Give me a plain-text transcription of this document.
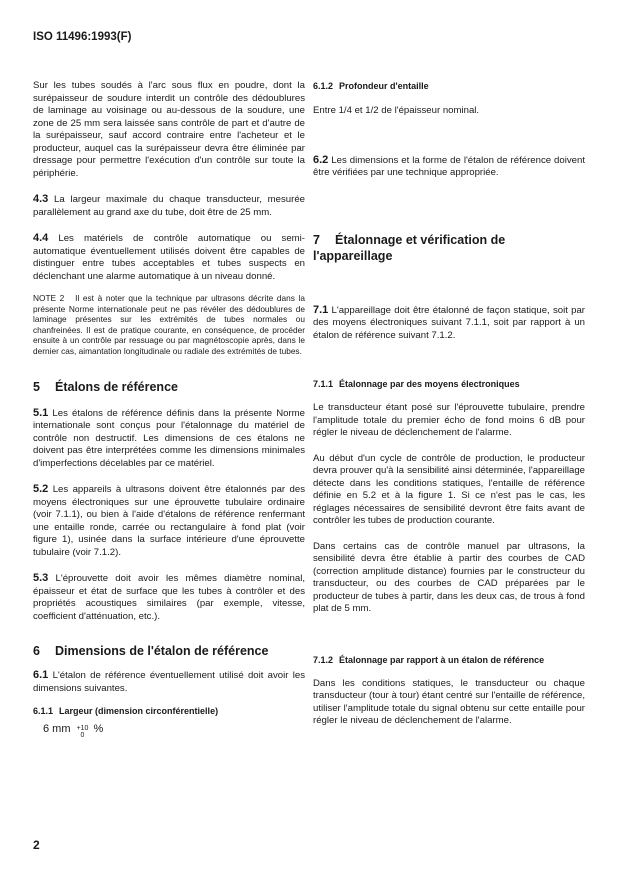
ISO 11496:1993(F)

Sur les tubes soudés à l'arc sous flux en poudre, dont la surépaisseur de soudure interdit un contrôle des dédoublures de laminage au voisinage ou au-dessous de la soudure, une zone de 25 mm sera laissée sans contrôle de part et d'autre de la surépaisseur, sauf accord contraire entre l'acheteur et le producteur, auquel cas la surépaisseur devra être éliminée par dressage pour permettre l'exécution d'un contrôle sur toute la périphérie.

4.3 La largeur maximale du chaque transducteur, mesurée parallèlement au grand axe du tube, doit être de 25 mm.

4.4 Les matériels de contrôle automatique ou semi-automatique éventuellement utilisés doivent être capables de distinguer entre tubes acceptables et tubes suspects en déclenchant une alarme automatique à un niveau donné.

NOTE 2 Il est à noter que la technique par ultrasons décrite dans la présente Norme internationale peut ne pas révéler des dédoublures de laminage présentes sur les extrémités de tubes normales ou chanfreinées. Il est de pratique courante, en conséquence, de procéder ensuite à un contrôle par ressuage ou par magnétoscopie après, dans le dernier cas, aimantation longitudinale ou radiale des extrémités de tubes.

5 Étalons de référence

5.1 Les étalons de référence définis dans la présente Norme internationale sont conçus pour l'étalonnage du matériel de contrôle non destructif. Les dimensions de ces étalons ne doivent pas être interprétées comme les dimensions minimales d'imperfections décelables par ce matériel.

5.2 Les appareils à ultrasons doivent être étalonnés par des moyens électroniques sur une éprouvette tubulaire ordinaire (voir 7.1.1), ou bien à l'aide d'étalons de référence renfermant une entaille ronde, carrée ou rectangulaire à fond plat (voir figure 1), usinée dans la surface intérieure d'une éprouvette tubulaire (voir 7.1.2).

5.3 L'éprouvette doit avoir les mêmes diamètre nominal, épaisseur et état de surface que les tubes à contrôler et des propriétés acoustiques similaires (par exemple, vitesse, coefficient d'atténuation, etc.).

6 Dimensions de l'étalon de référence

6.1 L'étalon de référence éventuellement utilisé doit avoir les dimensions suivantes.

6.1.1 Largeur (dimension circonférentielle)
6 mm +10
0
%
6.1.2 Profondeur d'entaille

Entre 1/4 et 1/2 de l'épaisseur nominal.

6.2 Les dimensions et la forme de l'étalon de référence doivent être vérifiées par une technique appropriée.

7 Étalonnage et vérification de l'appareillage

7.1 L'appareillage doit être étalonné de façon statique, soit par des moyens électroniques suivant 7.1.1, soit par rapport à un étalon de référence suivant 7.1.2.

7.1.1 Étalonnage par des moyens électroniques

Le transducteur étant posé sur l'éprouvette tubulaire, prendre l'amplitude totale du premier écho de fond moins 6 dB pour régler le niveau de déclenchement de l'alarme.

Au début d'un cycle de contrôle de production, le producteur devra prouver qu'à la sensibilité ainsi déterminée, l'appareillage détecte dans les conditions statiques, l'entaille de référence définie en 5.2 et à la figure 1. Si ce n'est pas le cas, les réglages nécessaires de sensibilité devront être faits avant de contrôler les tubes de production courante.

Dans certains cas de contrôle manuel par ultrasons, la sensibilité devra être établie à partir des courbes de CAD (correction amplitude distance) fournies par le constructeur du transducteur, ou des courbes de CAD préparées par le producteur de tubes à partir, dans les deux cas, de trous à fond plat de 5 mm.

7.1.2 Étalonnage par rapport à un étalon de référence

Dans les conditions statiques, le transducteur ou chaque transducteur (tour à tour) étant centré sur l'entaille de référence, utiliser l'amplitude totale du signal obtenu sur cette entaille pour régler le niveau de déclenchement de l'alarme.

2
